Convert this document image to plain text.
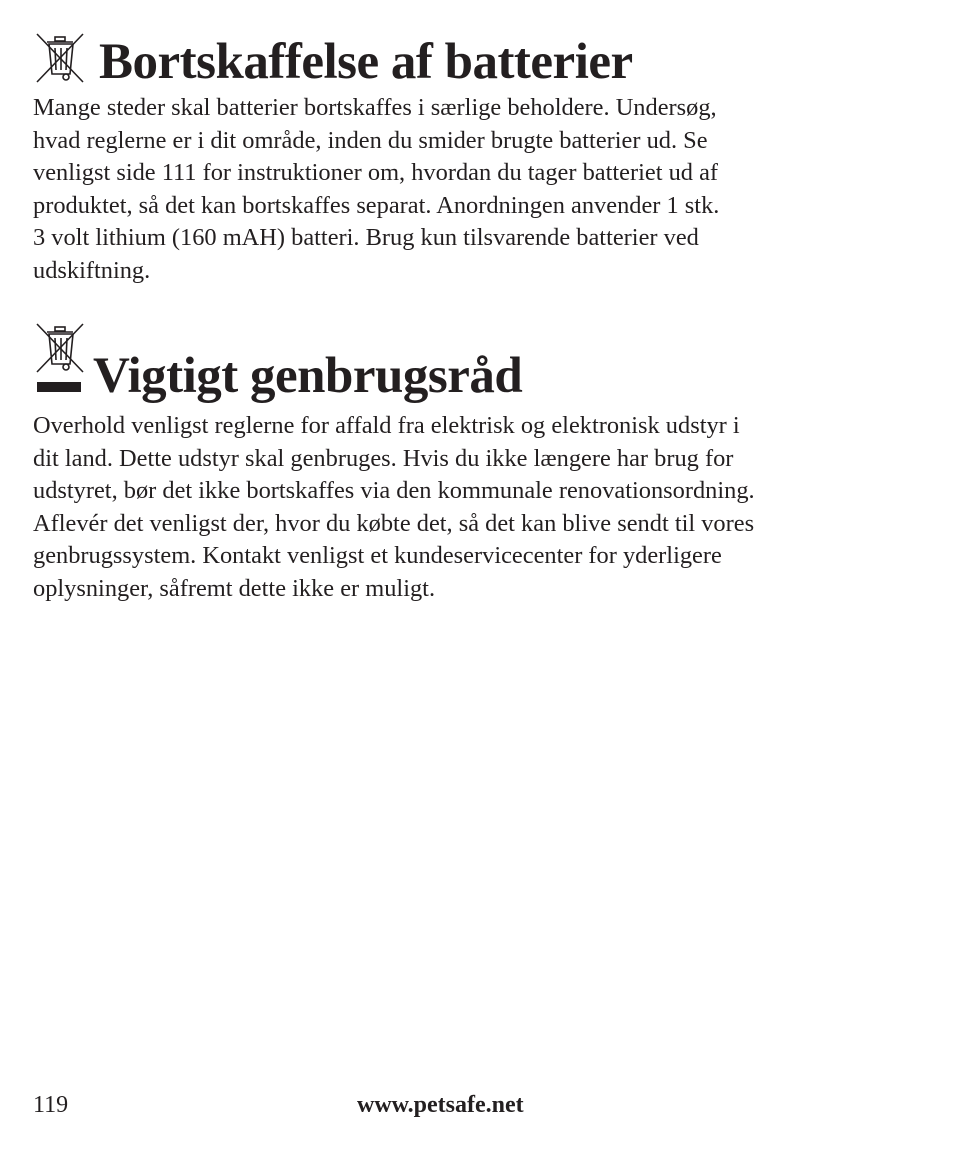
Bortskaffelse af batterier

Mange steder skal batterier bortskaffes i særlige beholdere. Undersøg,
hvad reglerne er i dit område, inden du smider brugte batterier ud. Se
venligst side 111 for instruktioner om, hvordan du tager batteriet ud af
produktet, så det kan bortskaffes separat. Anordningen anvender 1 stk.
3 volt lithium (160 mAH) batteri. Brug kun tilsvarende batterier ved
udskiftning.

Vigtigt genbrugsråd

Overhold venligst reglerne for affald fra elektrisk og elektronisk udstyr i
dit land. Dette udstyr skal genbruges. Hvis du ikke længere har brug for
udstyret, bør det ikke bortskaffes via den kommunale renovationsordning.
Aflevér det venligst der, hvor du købte det, så det kan blive sendt til vores
genbrugssystem. Kontakt venligst et kundeservicecenter for yderligere
oplysninger, såfremt dette ikke er muligt.

119	www.petsafe.net
